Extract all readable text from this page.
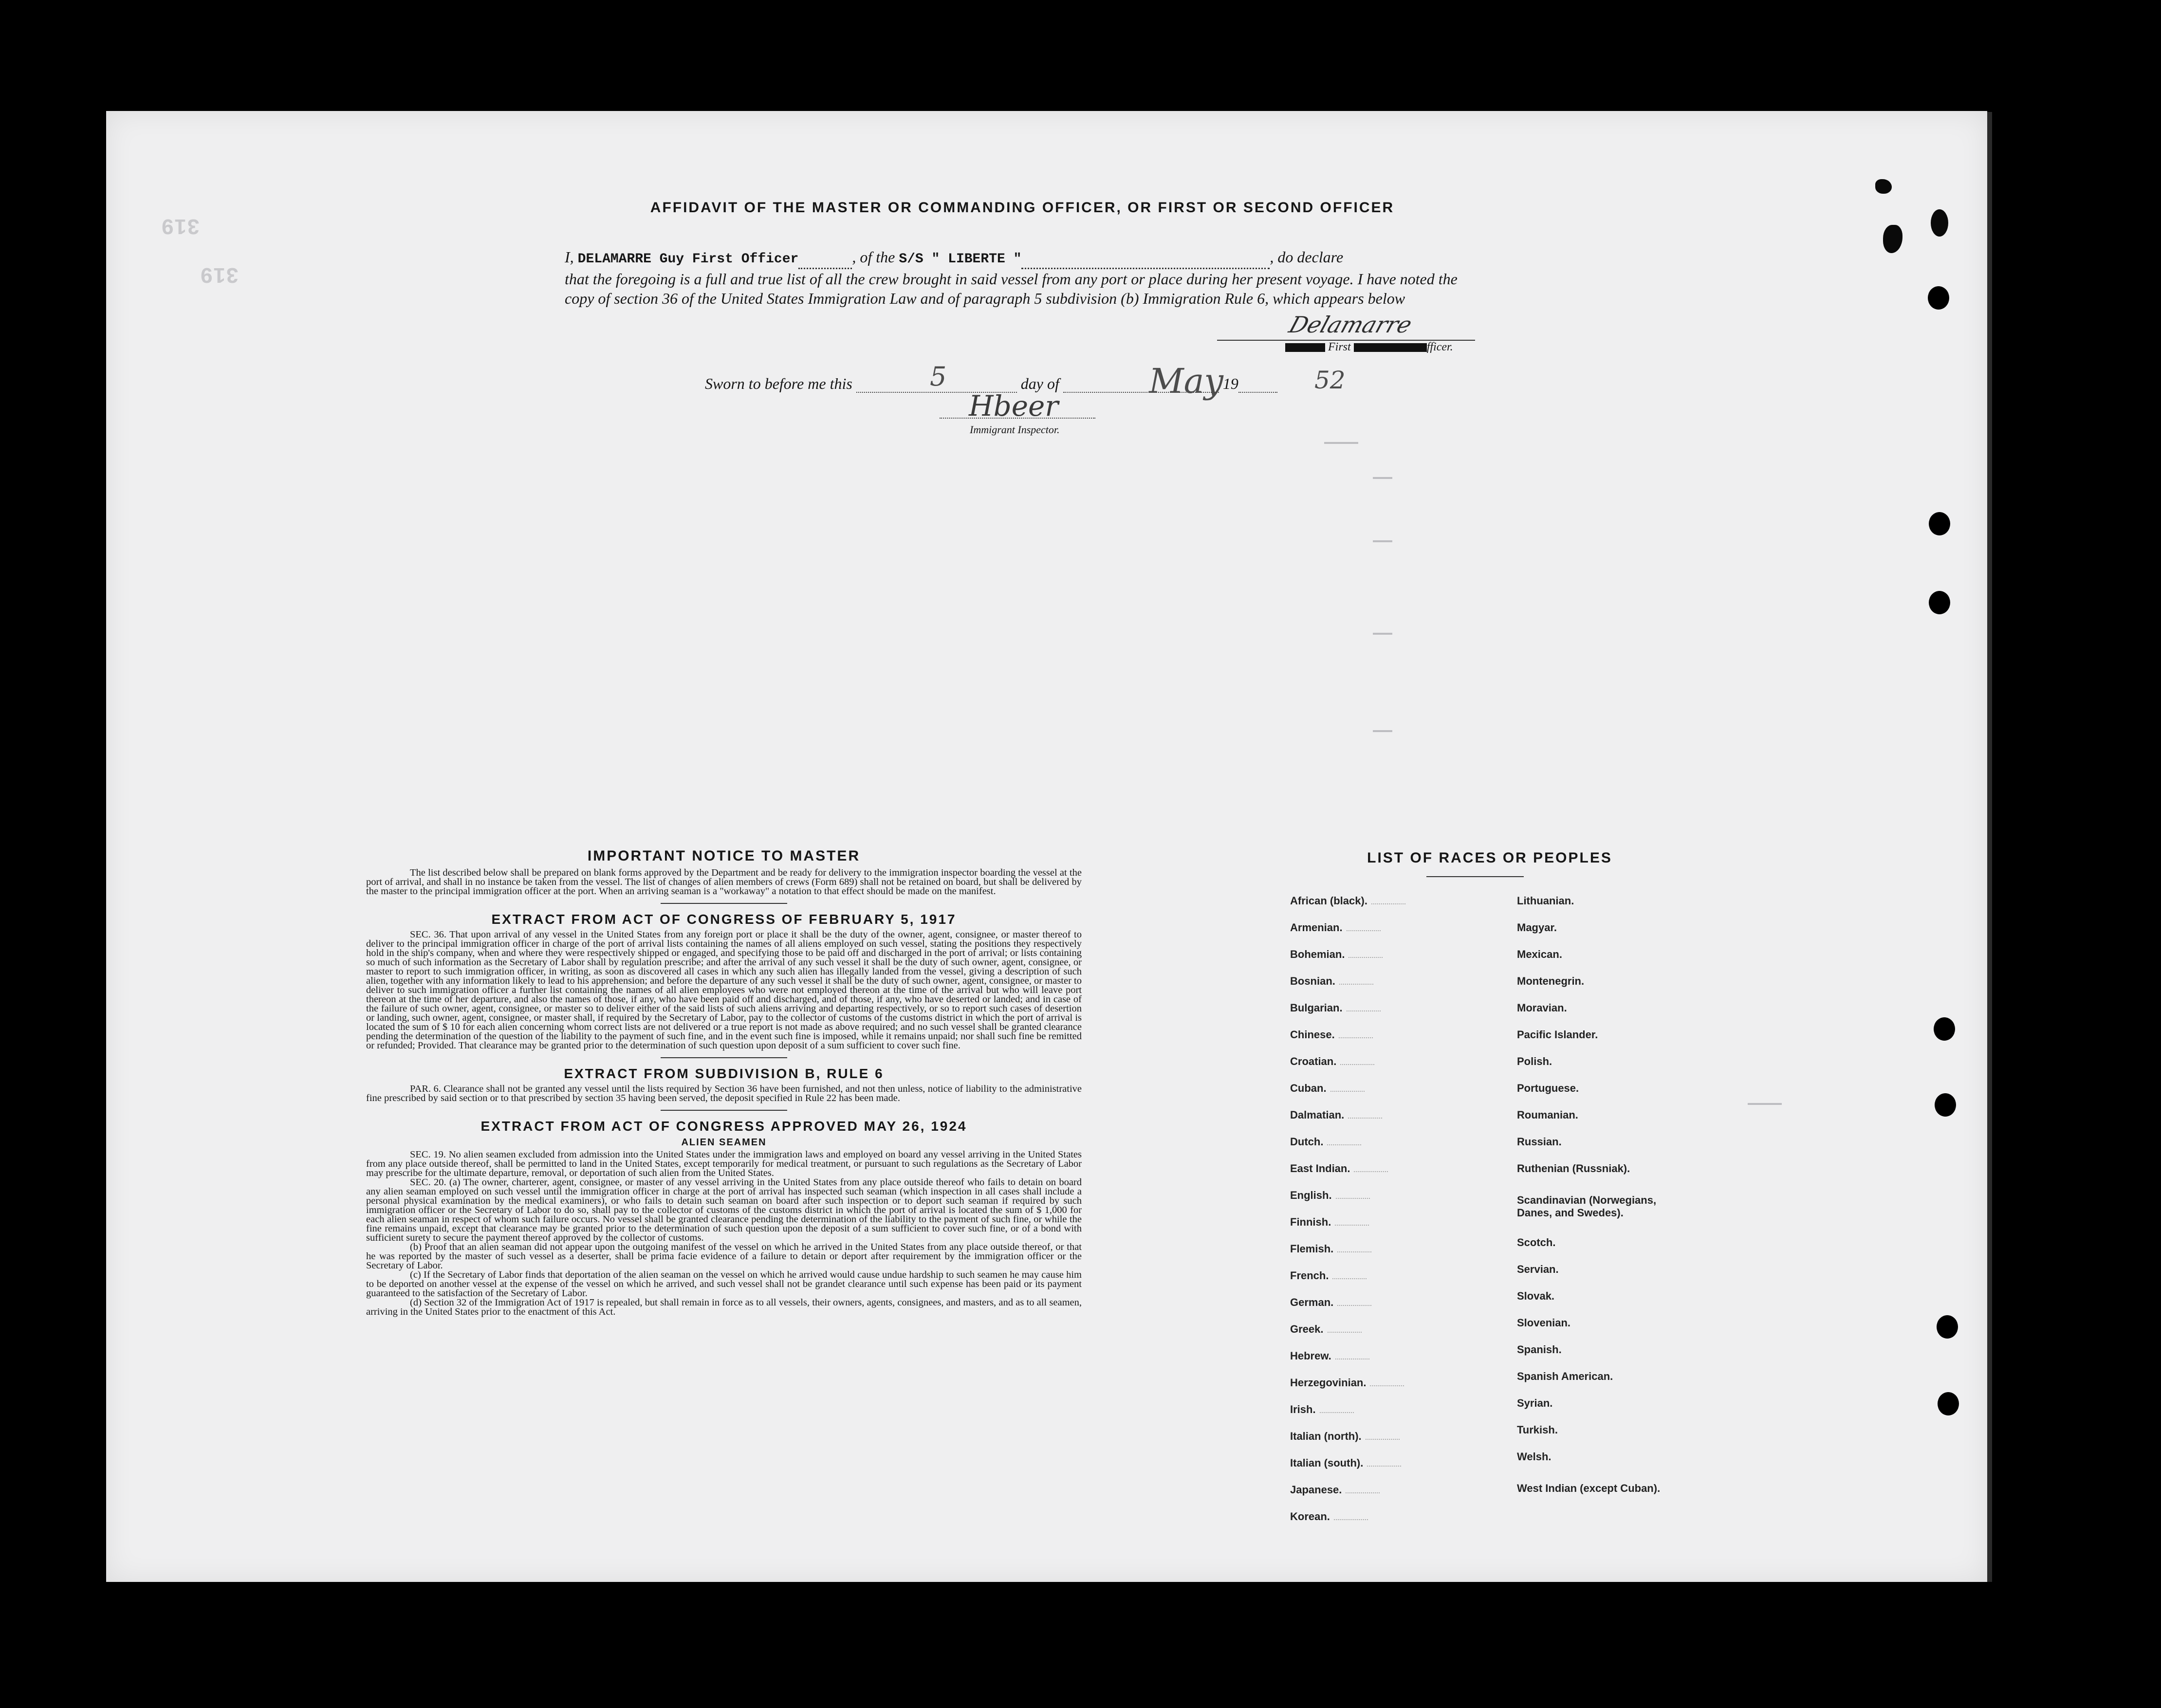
319
319
AFFIDAVIT OF THE MASTER OR COMMANDING OFFICER, OR FIRST OR SECOND OFFICER
I, DELAMARRE Guy First Officer	, of the S/S " LIBERTE "	, do declare
that the foregoing is a full and true list of all the crew brought in said vessel from any port or place during her present voyage. I have noted the copy of section 36 of the United States Immigration Law and of paragraph 5 subdivision (b) Immigration Rule 6, which appears below
Delamarre
First	fficer.
Sworn to before me this	day of	19
5	May	52
Hbeer
Immigrant Inspector.
IMPORTANT NOTICE TO MASTER

The list described below shall be prepared on blank forms approved by the Department and be ready for delivery to the immigration inspector boarding the vessel at the port of arrival, and shall in no instance be taken from the vessel. The list of changes of alien members of crews (Form 689) shall not be retained on board, but shall be delivered by the master to the principal immigration officer at the port. When an arriving seaman is a "workaway" a notation to that effect should be made on the manifest.

EXTRACT FROM ACT OF CONGRESS OF FEBRUARY 5, 1917

SEC. 36. That upon arrival of any vessel in the United States from any foreign port or place it shall be the duty of the owner, agent, consignee, or master thereof to deliver to the principal immigration officer in charge of the port of arrival lists containing the names of all aliens employed on such vessel, stating the positions they respectively hold in the ship's company, when and where they were respectively shipped or engaged, and specifying those to be paid off and discharged in the port of arrival; or lists containing so much of such information as the Secretary of Labor shall by regulation prescribe; and after the arrival of any such vessel it shall be the duty of such owner, agent, consignee, or master to report to such immigration officer, in writing, as soon as discovered all cases in which any such alien has illegally landed from the vessel, giving a description of such alien, together with any information likely to lead to his apprehension; and before the departure of any such vessel it shall be the duty of such owner, agent, consignee, or master to deliver to such immigration officer a further list containing the names of all alien employees who were not employed thereon at the time of the arrival but who will leave port thereon at the time of her departure, and also the names of those, if any, who have been paid off and discharged, and of those, if any, who have deserted or landed; and in case of the failure of such owner, agent, consignee, or master so to deliver either of the said lists of such aliens arriving and departing respectively, or so to report such cases of desertion or landing, such owner, agent, consignee, or master shall, if required by the Secretary of Labor, pay to the collector of customs of the customs district in which the port of arrival is located the sum of $ 10 for each alien concerning whom correct lists are not delivered or a true report is not made as above required; and no such vessel shall be granted clearance pending the determination of the question of the liability to the payment of such fine, and in the event such fine is imposed, while it remains unpaid; nor shall such fine be remitted or refunded; Provided. That clearance may be granted prior to the determination of such question upon deposit of a sum sufficient to cover such fine.

EXTRACT FROM SUBDIVISION B, RULE 6

PAR. 6. Clearance shall not be granted any vessel until the lists required by Section 36 have been furnished, and not then unless, notice of liability to the administrative fine prescribed by said section or to that prescribed by section 35 having been served, the deposit specified in Rule 22 has been made.

EXTRACT FROM ACT OF CONGRESS APPROVED MAY 26, 1924
ALIEN SEAMEN

SEC. 19. No alien seamen excluded from admission into the United States under the immigration laws and employed on board any vessel arriving in the United States from any place outside thereof, shall be permitted to land in the United States, except temporarily for medical treatment, or pursuant to such regulations as the Secretary of Labor may prescribe for the ultimate departure, removal, or deportation of such alien from the United States.

SEC. 20. (a) The owner, charterer, agent, consignee, or master of any vessel arriving in the United States from any place outside thereof who fails to detain on board any alien seaman employed on such vessel until the immigration officer in charge at the port of arrival has inspected such seaman (which inspection in all cases shall include a personal physical examination by the medical examiners), or who fails to detain such seaman on board after such inspection or to deport such seaman if required by such immigration officer or the Secretary of Labor to do so, shall pay to the collector of customs of the customs district in which the port of arrival is located the sum of $ 1,000 for each alien seaman in respect of whom such failure occurs. No vessel shall be granted clearance pending the determination of the liability to the payment of such fine, or while the fine remains unpaid, except that clearance may be granted prior to the determination of such question upon the deposit of a sum sufficient to cover such fine, or of a bond with sufficient surety to secure the payment thereof approved by the collector of customs.

(b) Proof that an alien seaman did not appear upon the outgoing manifest of the vessel on which he arrived in the United States from any place outside thereof, or that he was reported by the master of such vessel as a deserter, shall be prima facie evidence of a failure to detain or deport after requirement by the immigration officer or the Secretary of Labor.

(c) If the Secretary of Labor finds that deportation of the alien seaman on the vessel on which he arrived would cause undue hardship to such seamen he may cause him to be deported on another vessel at the expense of the vessel on which he arrived, and such vessel shall not be grandet clearance until such expense has been paid or its payment guaranteed to the satisfaction of the Secretary of Labor.

(d) Section 32 of the Immigration Act of 1917 is repealed, but shall remain in force as to all vessels, their owners, agents, consignees, and masters, and as to all seamen, arriving in the United States prior to the enactment of this Act.

LIST OF RACES OR PEOPLES
African (black).
Armenian.
Bohemian.
Bosnian.
Bulgarian.
Chinese.
Croatian.
Cuban.
Dalmatian.
Dutch.
East Indian.
English.
Finnish.
Flemish.
French.
German.
Greek.
Hebrew.
Herzegovinian.
Irish.
Italian (north).
Italian (south).
Japanese.
Korean.
Lithuanian.
Magyar.
Mexican.
Montenegrin.
Moravian.
Pacific Islander.
Polish.
Portuguese.
Roumanian.
Russian.
Ruthenian (Russniak).
Scandinavian (Norwegians, Danes, and Swedes).
Scotch.
Servian.
Slovak.
Slovenian.
Spanish.
Spanish American.
Syrian.
Turkish.
Welsh.
West Indian (except Cuban).
